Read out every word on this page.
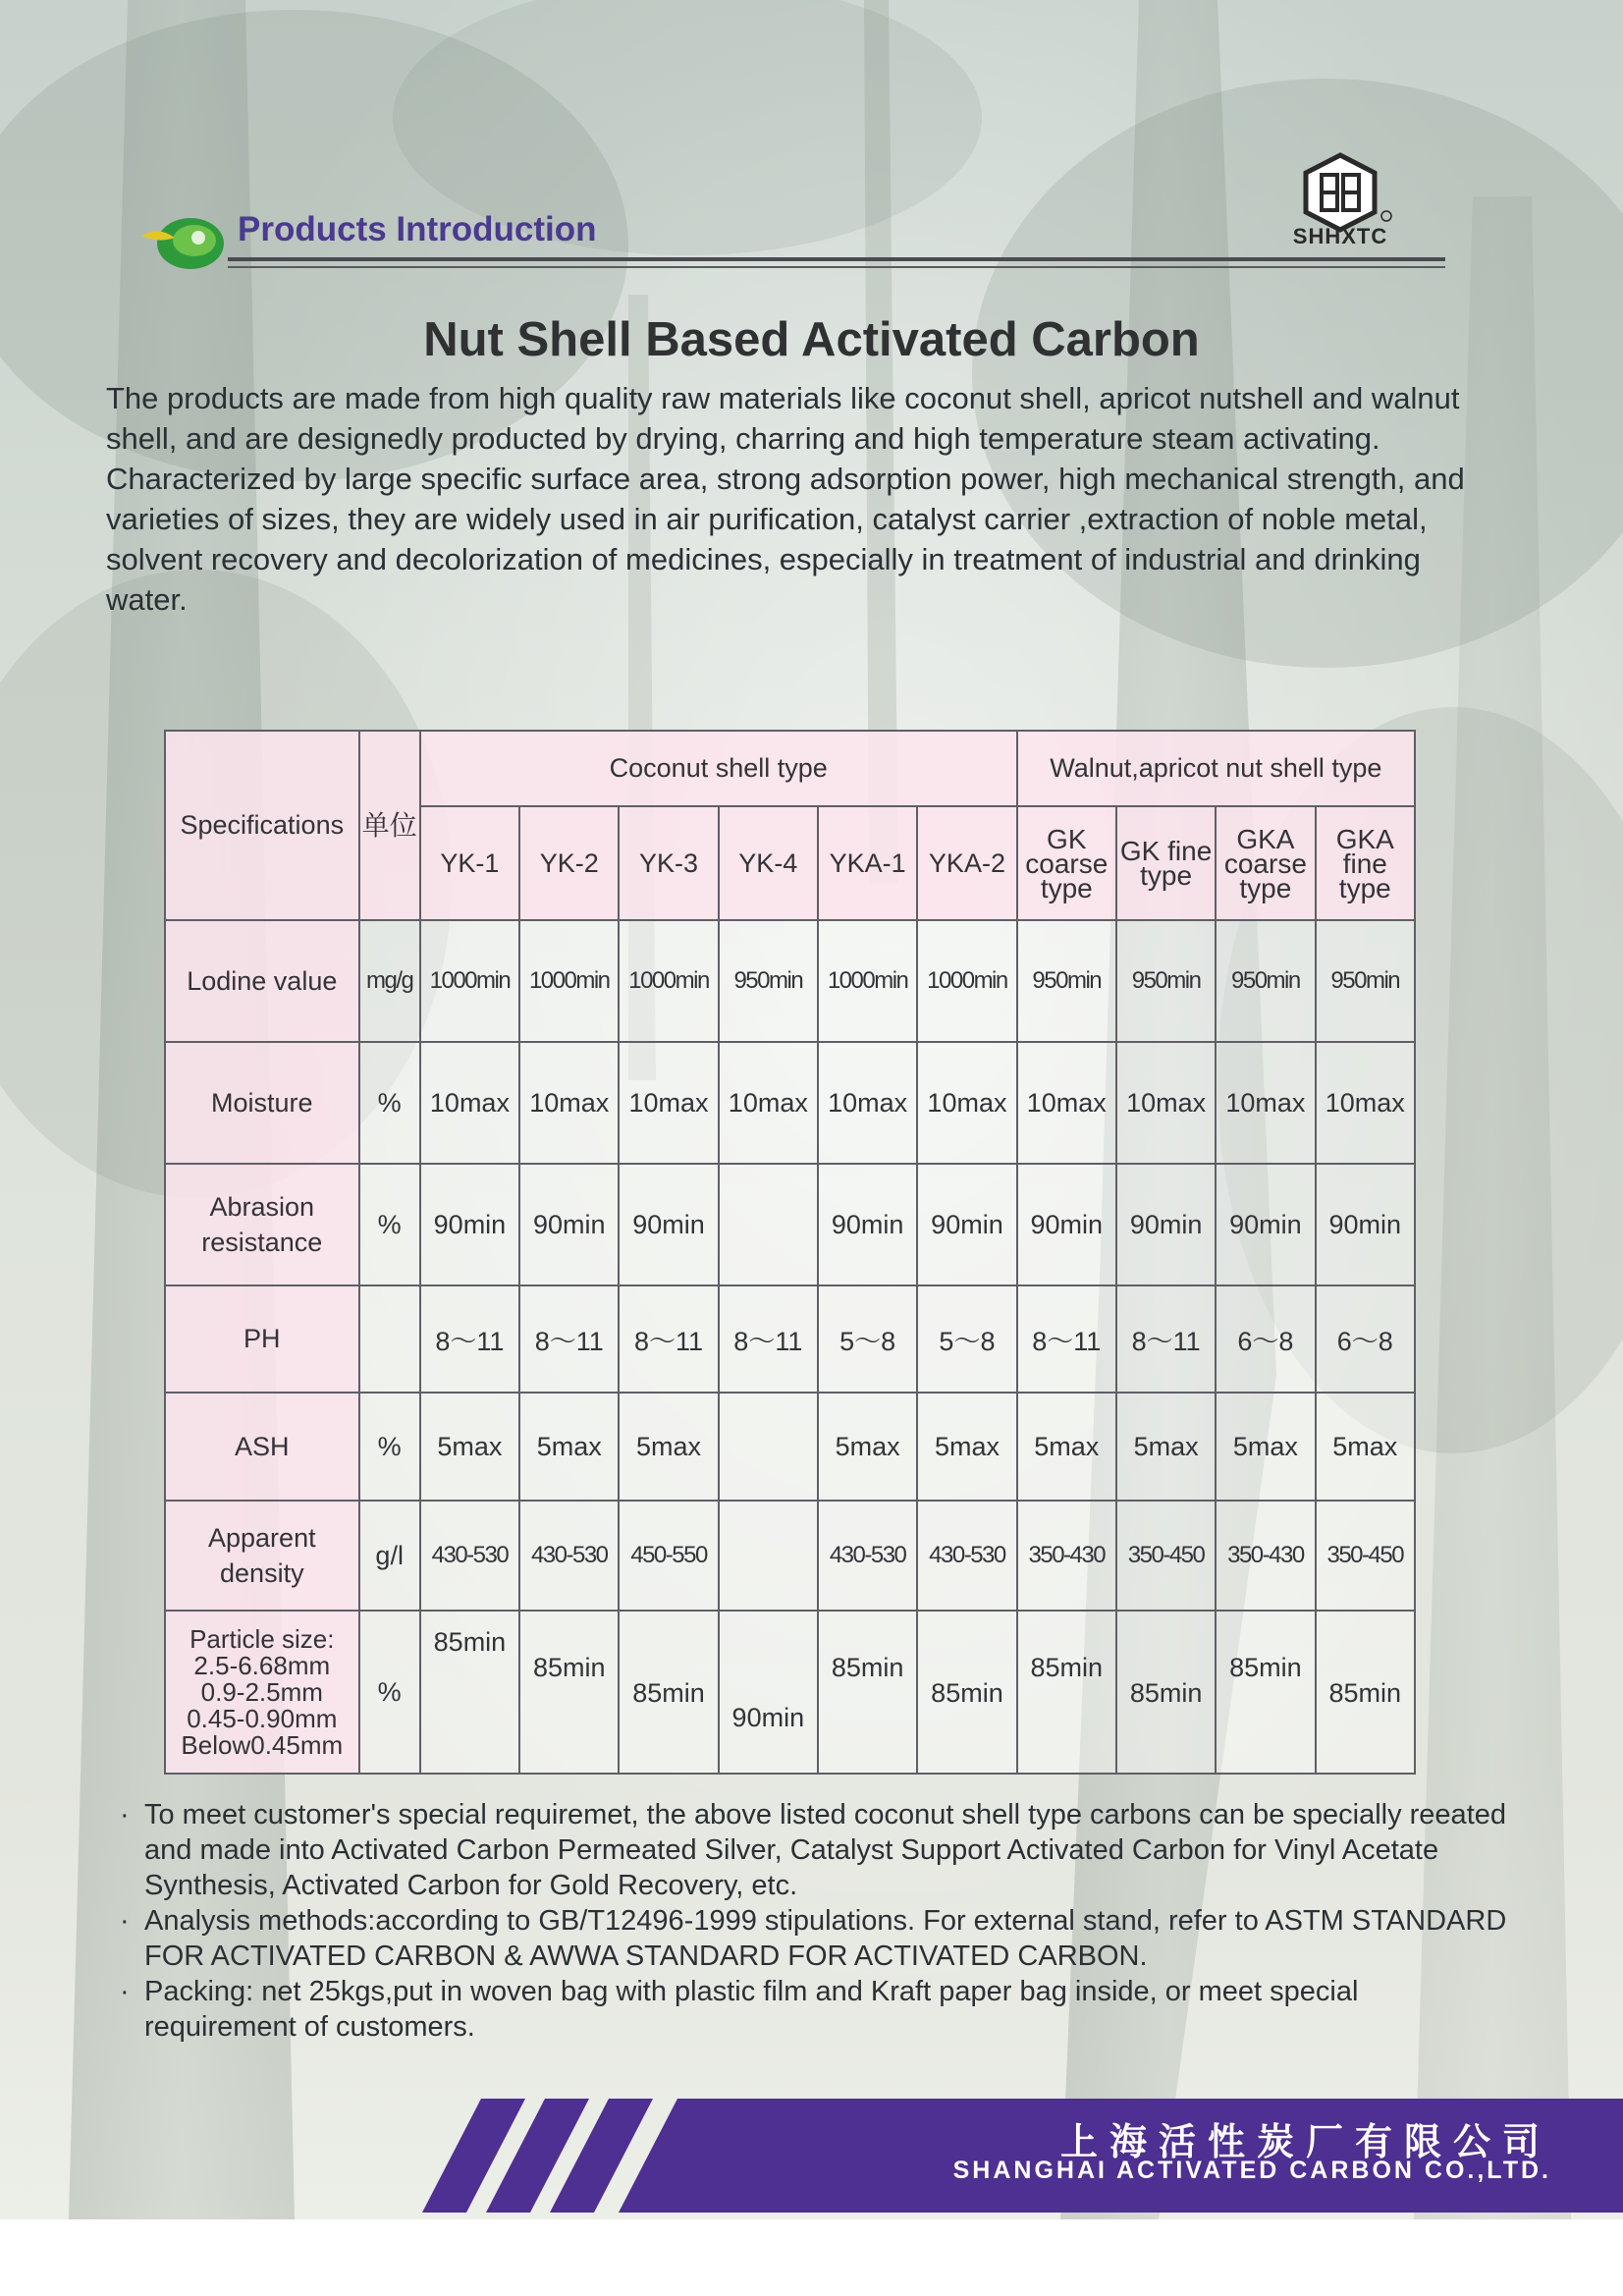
Products Introduction	SHHXTC
Nut Shell Based Activated Carbon
The products are made from high quality raw materials like coconut shell, apricot nutshell and walnut shell, and are designedly producted by drying, charring and high temperature steam activating. Characterized by large specific surface area, strong adsorption power, high mechanical strength, and varieties of sizes, they are widely used in air purification, catalyst carrier ,extraction of noble metal, solvent recovery and decolorization of medicines, especially in treatment of industrial and drinking water.
Specifications	单位	Coconut shell type						Walnut,apricot nut shell type			
		YK-1	YK-2	YK-3	YK-4	YKA-1	YKA-2	GK coarse type	GK fine type	GKA coarse type	GKA fine type
Lodine value	mg/g	1000min	1000min	1000min	950min	1000min	1000min	950min	950min	950min	950min
Moisture	%	10max	10max	10max	10max	10max	10max	10max	10max	10max	10max
Abrasion resistance	%	90min	90min	90min		90min	90min	90min	90min	90min	90min
PH		8～11	8～11	8～11	8～11	5～8	5～8	8～11	8～11	6～8	6～8
ASH	%	5max	5max	5max		5max	5max	5max	5max	5max	5max
Apparent density	g/l	430-530	430-530	450-550		430-530	430-530	350-430	350-450	350-430	350-450

Particle size:
2.5-6.68mm
0.9-2.5mm
0.45-0.90mm
Below0.45mm	%	85min	85min	85min	90min	85min	85min	85min	85min	85min	85min

· To meet customer's special requiremet, the above listed coconut shell type carbons can be specially reeated and made into Activated Carbon Permeated Silver, Catalyst Support Activated Carbon for Vinyl Acetate Synthesis, Activated Carbon for Gold Recovery, etc.

· Analysis methods:according to GB/T12496-1999 stipulations. For external stand, refer to ASTM STANDARD FOR ACTIVATED CARBON & AWWA STANDARD FOR ACTIVATED CARBON.

· Packing: net 25kgs,put in woven bag with plastic film and Kraft paper bag inside, or meet special requirement of customers.

上海活性炭厂有限公司
SHANGHAI ACTIVATED CARBON CO.,LTD.
